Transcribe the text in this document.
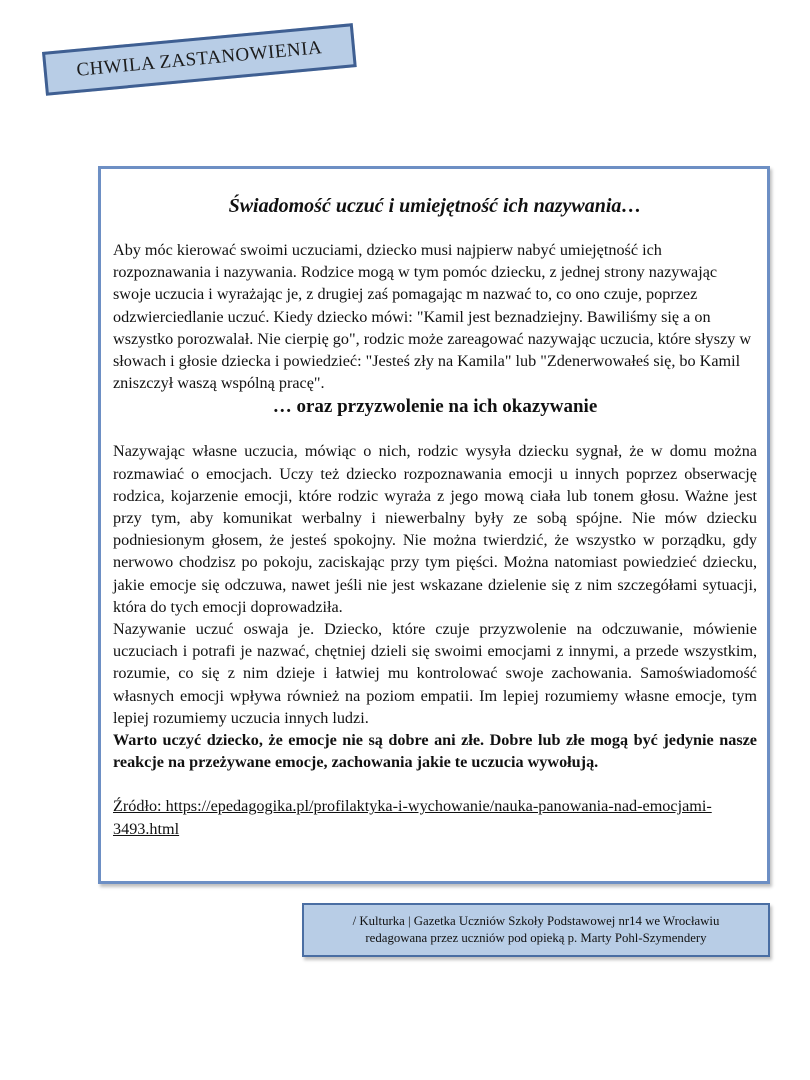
CHWILA ZASTANOWIENIA
Świadomość uczuć i umiejętność ich nazywania…

Aby móc kierować swoimi uczuciami, dziecko musi najpierw nabyć umiejętność ich rozpoznawania i nazywania. Rodzice mogą w tym pomóc dziecku, z jednej strony nazywając swoje uczucia i wyrażając je, z drugiej zaś pomagając m nazwać to, co ono czuje, poprzez odzwierciedlanie uczuć. Kiedy dziecko mówi: "Kamil jest beznadziejny. Bawiliśmy się a on wszystko porozwalał. Nie cierpię go", rodzic może zareagować nazywając uczucia, które słyszy w słowach i głosie dziecka i powiedzieć: "Jesteś zły na Kamila" lub "Zdenerwowałeś się, bo Kamil zniszczył waszą wspólną pracę".

… oraz przyzwolenie na ich okazywanie

Nazywając własne uczucia, mówiąc o nich, rodzic wysyła dziecku sygnał, że w domu można rozmawiać o emocjach. Uczy też dziecko rozpoznawania emocji u innych poprzez obserwację rodzica, kojarzenie emocji, które rodzic wyraża z jego mową ciała lub tonem głosu. Ważne jest przy tym, aby komunikat werbalny i niewerbalny były ze sobą spójne. Nie mów dziecku podniesionym głosem, że jesteś spokojny. Nie można twierdzić, że wszystko w porządku, gdy nerwowo chodzisz po pokoju, zaciskając przy tym pięści. Można natomiast powiedzieć dziecku, jakie emocje się odczuwa, nawet jeśli nie jest wskazane dzielenie się z nim szczegółami sytuacji, która do tych emocji doprowadziła.

Nazywanie uczuć oswaja je. Dziecko, które czuje przyzwolenie na odczuwanie, mówienie uczuciach i potrafi je nazwać, chętniej dzieli się swoimi emocjami z innymi, a przede wszystkim, rozumie, co się z nim dzieje i łatwiej mu kontrolować swoje zachowania. Samoświadomość własnych emocji wpływa również na poziom empatii. Im lepiej rozumiemy własne emocje, tym lepiej rozumiemy uczucia innych ludzi.

Warto uczyć dziecko, że emocje nie są dobre ani złe. Dobre lub złe mogą być jedynie nasze reakcje na przeżywane emocje, zachowania jakie te uczucia wywołują.

Źródło: https://epedagogika.pl/profilaktyka-i-wychowanie/nauka-panowania-nad-emocjami-3493.html

/ Kulturka | Gazetka Uczniów Szkoły Podstawowej nr14 we Wrocławiu
redagowana przez uczniów pod opieką p. Marty Pohl-Szymendery
